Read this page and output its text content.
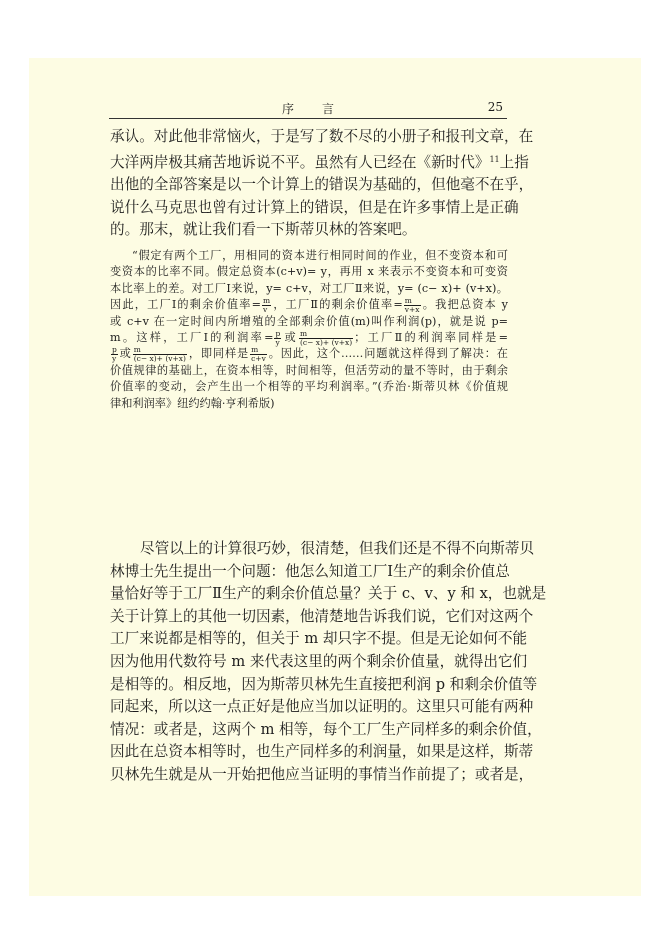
序言	25
承认。对此他非常恼火，于是写了数不尽的小册子和报刊文章，在
大洋两岸极其痛苦地诉说不平。虽然有人已经在《新时代》$^{11}$上指
出他的全部答案是以一个计算上的错误为基础的，但他毫不在乎，
说什么马克思也曾有过计算上的错误，但是在许多事情上是正确
的。那末，就让我们看一下斯蒂贝林的答案吧。
“假定有两个工厂，用相同的资本进行相同时间的作业，但不变资本和可
变资本的比率不同。假定总资本(c+v)= y，再用 x 来表示不变资本和可变资
本比率上的差。对工厂Ⅰ来说，y= c+v，对工厂Ⅱ来说，y= (c− x)+ (v+x)。
因此，工厂Ⅰ的剩余价值率= $\frac{m}{v}$ ，工厂Ⅱ的剩余价值率= $\frac{m}{v+x}$ 。我把总资本 y
或 c+v 在一定时间内所增殖的全部剩余价值(m)叫作利润(p)，就是说 p=
m。这样，工厂Ⅰ的利润率= $\frac{p}{y}$ 或 $\frac{m}{(c- x)+ (v+x)}$ ；工厂Ⅱ的利润率同样是=
$\frac{p}{y}$ 或 $\frac{m}{(c- x)+ (v+x)}$ ，即同样是 $\frac{m}{c+v}$ 。因此，这个……问题就这样得到了解决：在
价值规律的基础上，在资本相等，时间相等，但活劳动的量不等时，由于剩余
价值率的变动，会产生出一个相等的平均利润率。”(乔治·斯蒂贝林《价值规
律和利润率》纽约约翰·亨利希版)
尽管以上的计算很巧妙，很清楚，但我们还是不得不向斯蒂贝
林博士先生提出一个问题：他怎么知道工厂Ⅰ生产的剩余价值总
量恰好等于工厂Ⅱ生产的剩余价值总量？关于 c、v、y 和 x，也就是
关于计算上的其他一切因素，他清楚地告诉我们说，它们对这两个
工厂来说都是相等的，但关于 m 却只字不提。但是无论如何不能
因为他用代数符号 m 来代表这里的两个剩余价值量，就得出它们
是相等的。相反地，因为斯蒂贝林先生直接把利润 p 和剩余价值等
同起来，所以这一点正好是他应当加以证明的。这里只可能有两种
情况：或者是，这两个 m 相等，每个工厂生产同样多的剩余价值，
因此在总资本相等时，也生产同样多的利润量，如果是这样，斯蒂
贝林先生就是从一开始把他应当证明的事情当作前提了；或者是，
